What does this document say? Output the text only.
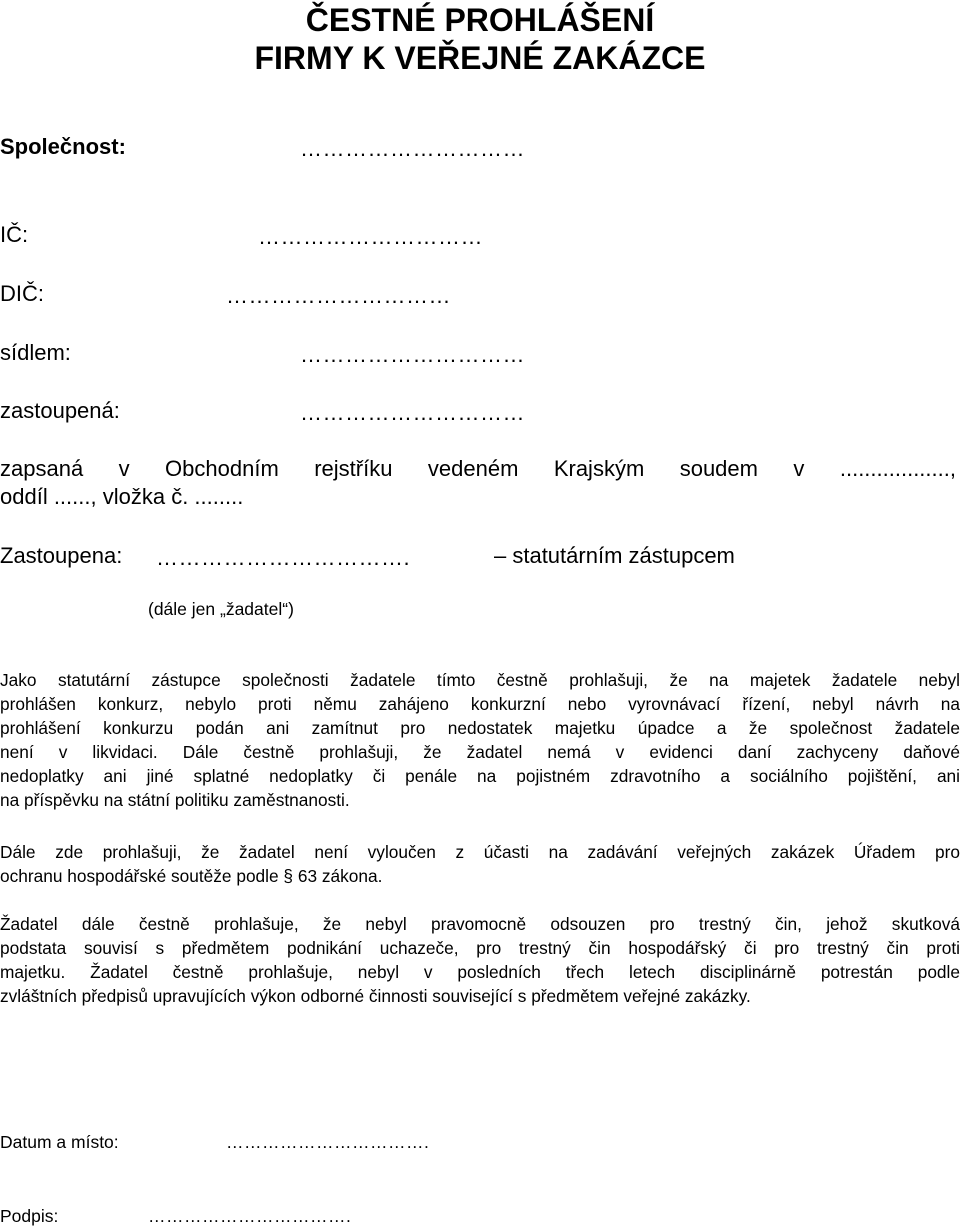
ČESTNÉ PROHLÁŠENÍ
FIRMY K VEŘEJNÉ ZAKÁZCE
Společnost:	…………………………
IČ:	…………………………
DIČ:	…………………………
sídlem:	…………………………
zastoupená:	…………………………
zapsaná v Obchodním rejstříku vedeném Krajským soudem v ..................,
oddíl ......, vložka č. ........
Zastoupena: …………………………….	– statutárním zástupcem
(dále jen „žadatel“)
Jako statutární zástupce společnosti žadatele tímto čestně prohlašuji, že na majetek žadatele nebyl
prohlášen konkurz, nebylo proti němu zahájeno konkurzní nebo vyrovnávací řízení, nebyl návrh na
prohlášení konkurzu podán ani zamítnut pro nedostatek majetku úpadce a že společnost žadatele
není v likvidaci. Dále čestně prohlašuji, že žadatel nemá v evidenci daní zachyceny daňové
nedoplatky ani jiné splatné nedoplatky či penále na pojistném zdravotního a sociálního pojištění, ani
na příspěvku na státní politiku zaměstnanosti.
Dále zde prohlašuji, že žadatel není vyloučen z účasti na zadávání veřejných zakázek Úřadem pro
ochranu hospodářské soutěže podle § 63 zákona.
Žadatel dále čestně prohlašuje, že nebyl pravomocně odsouzen pro trestný čin, jehož skutková
podstata souvisí s předmětem podnikání uchazeče, pro trestný čin hospodářský či pro trestný čin proti
majetku. Žadatel čestně prohlašuje, nebyl v posledních třech letech disciplinárně potrestán podle
zvláštních předpisů upravujících výkon odborné činnosti související s předmětem veřejné zakázky.
Datum a místo:	…………………………….
Podpis:	…………………………….
